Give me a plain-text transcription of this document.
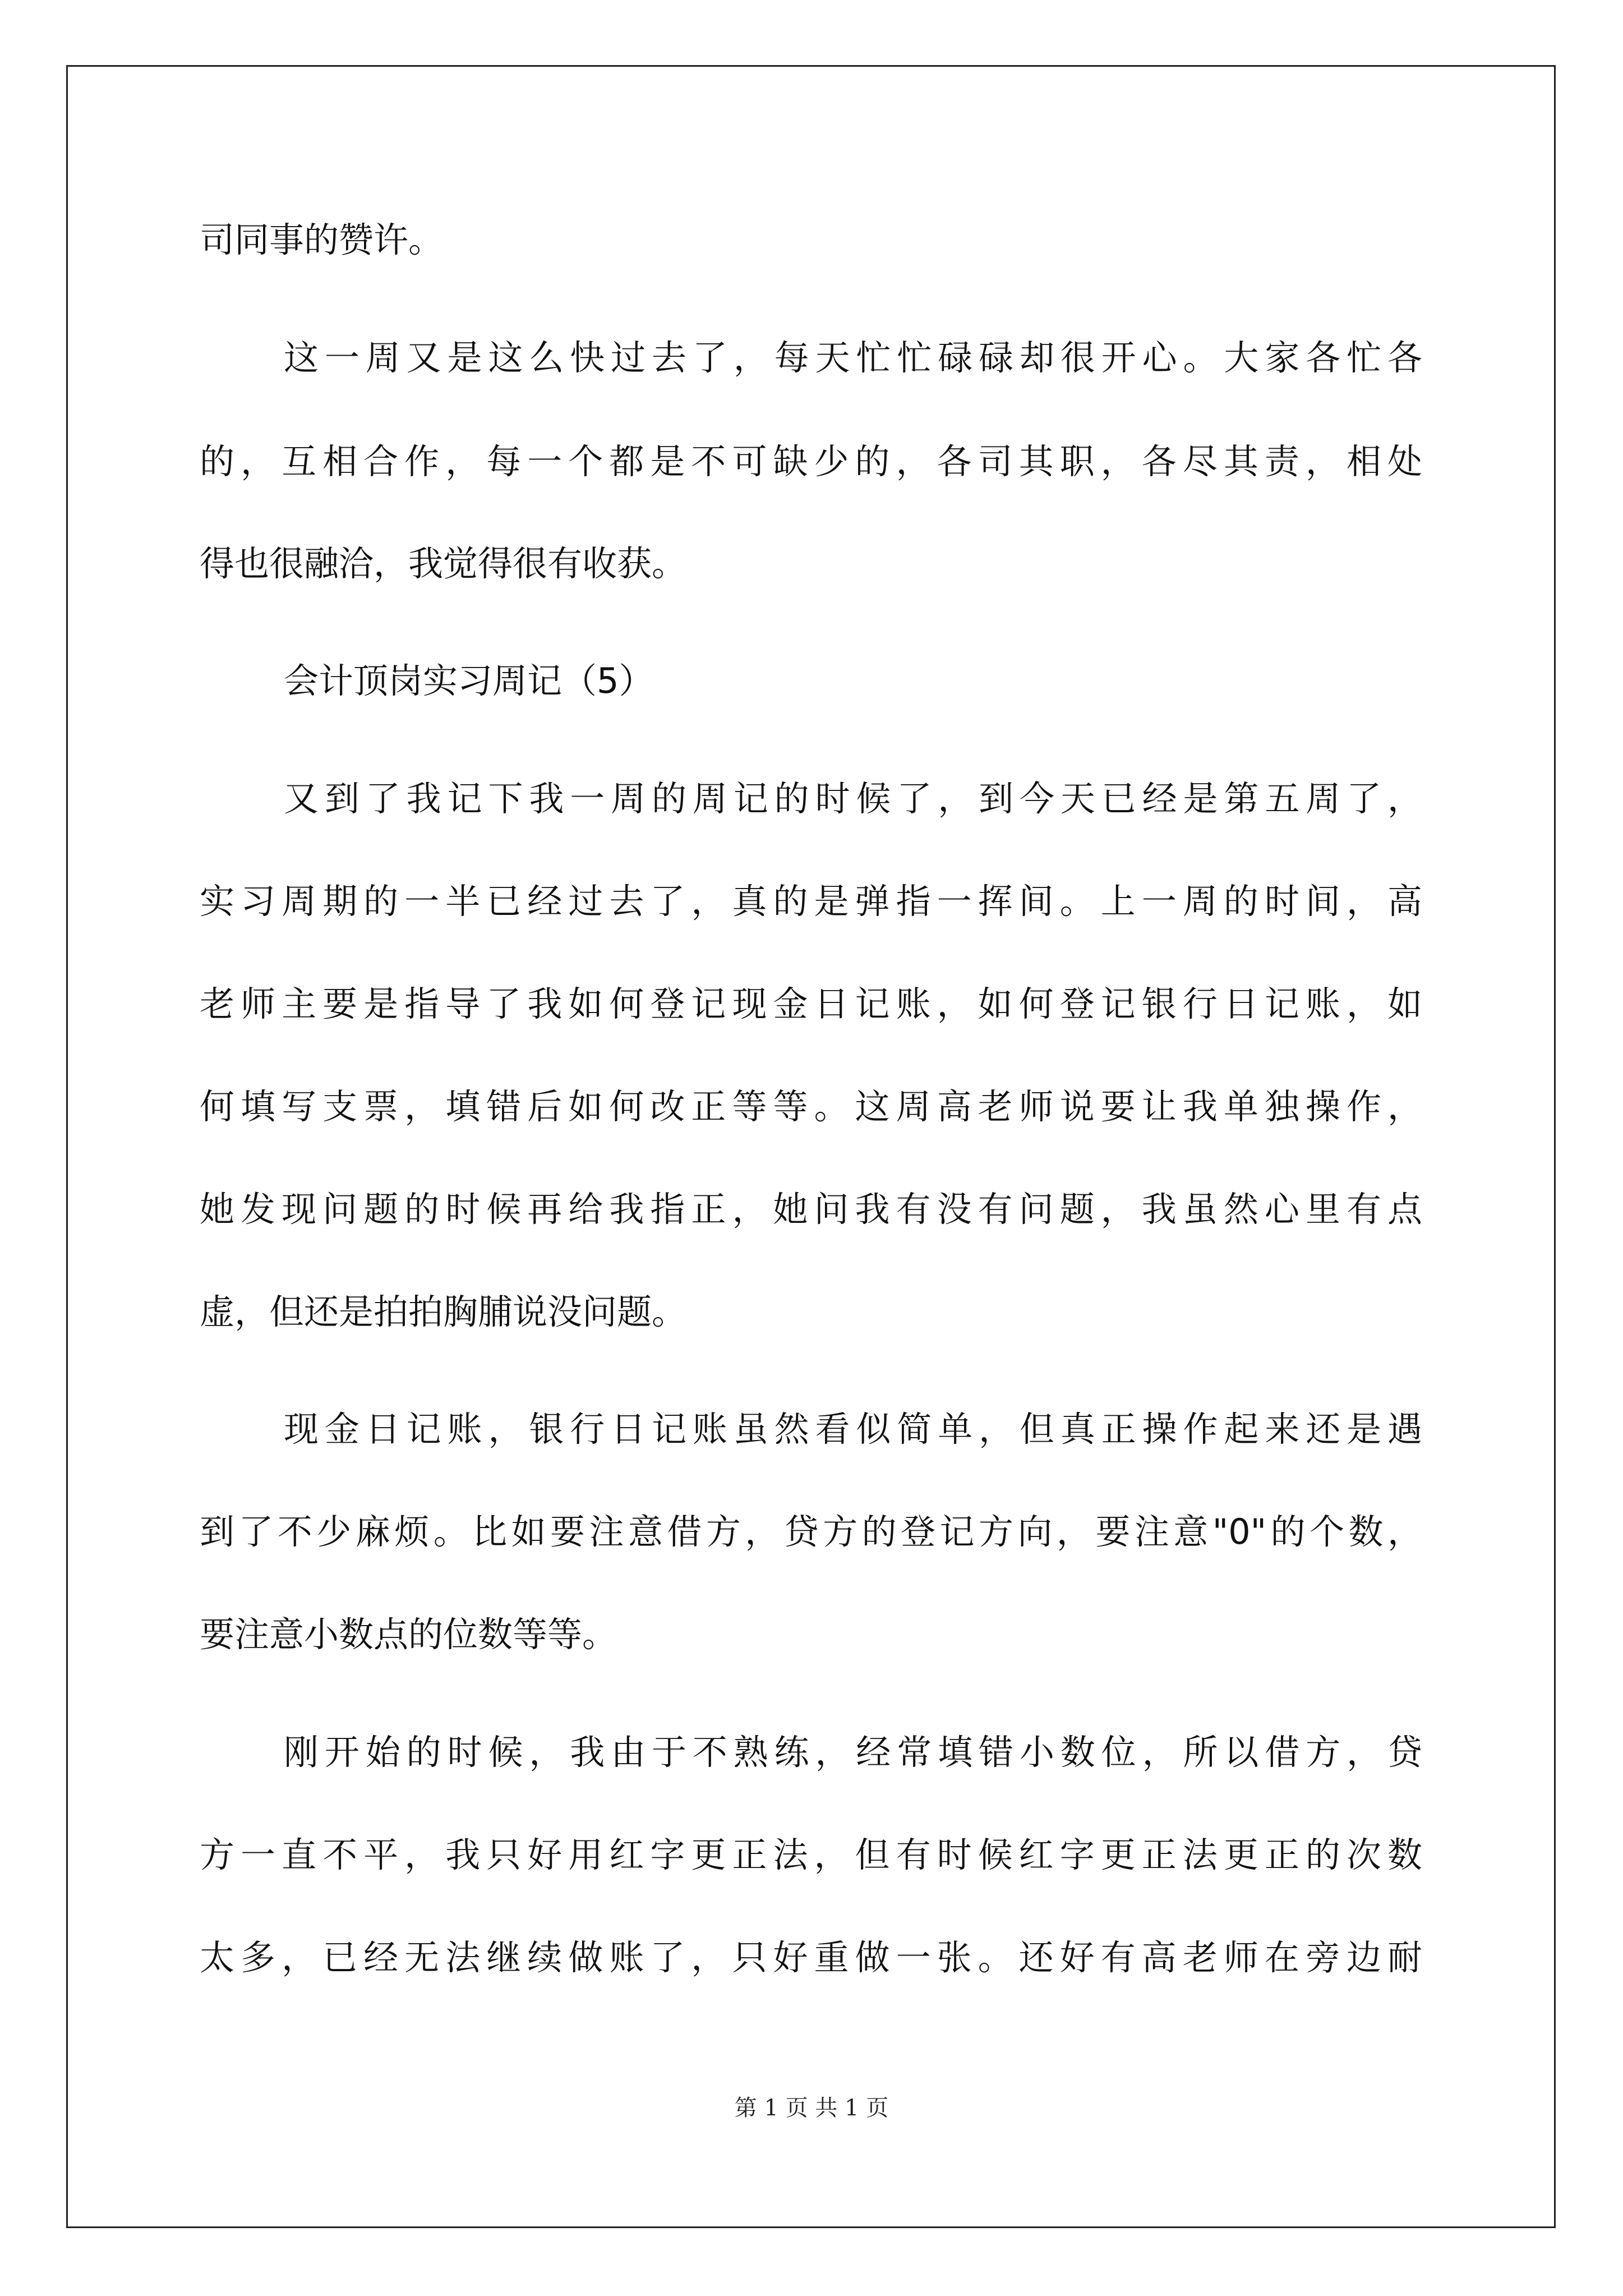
司同事的赞许。
这一周又是这么快过去了，每天忙忙碌碌却很开心。大家各忙各
的，互相合作，每一个都是不可缺少的，各司其职，各尽其责，相处
得也很融洽，我觉得很有收获。
会计顶岗实习周记（5）
又到了我记下我一周的周记的时候了，到今天已经是第五周了，
实习周期的一半已经过去了，真的是弹指一挥间。上一周的时间，高
老师主要是指导了我如何登记现金日记账，如何登记银行日记账，如
何填写支票，填错后如何改正等等。这周高老师说要让我单独操作，
她发现问题的时候再给我指正，她问我有没有问题，我虽然心里有点
虚，但还是拍拍胸脯说没问题。
现金日记账，银行日记账虽然看似简单，但真正操作起来还是遇
到了不少麻烦。比如要注意借方，贷方的登记方向，要注意"0"的个数，
要注意小数点的位数等等。
刚开始的时候，我由于不熟练，经常填错小数位，所以借方，贷
方一直不平，我只好用红字更正法，但有时候红字更正法更正的次数
太多，已经无法继续做账了，只好重做一张。还好有高老师在旁边耐
第 1 页 共 1 页
